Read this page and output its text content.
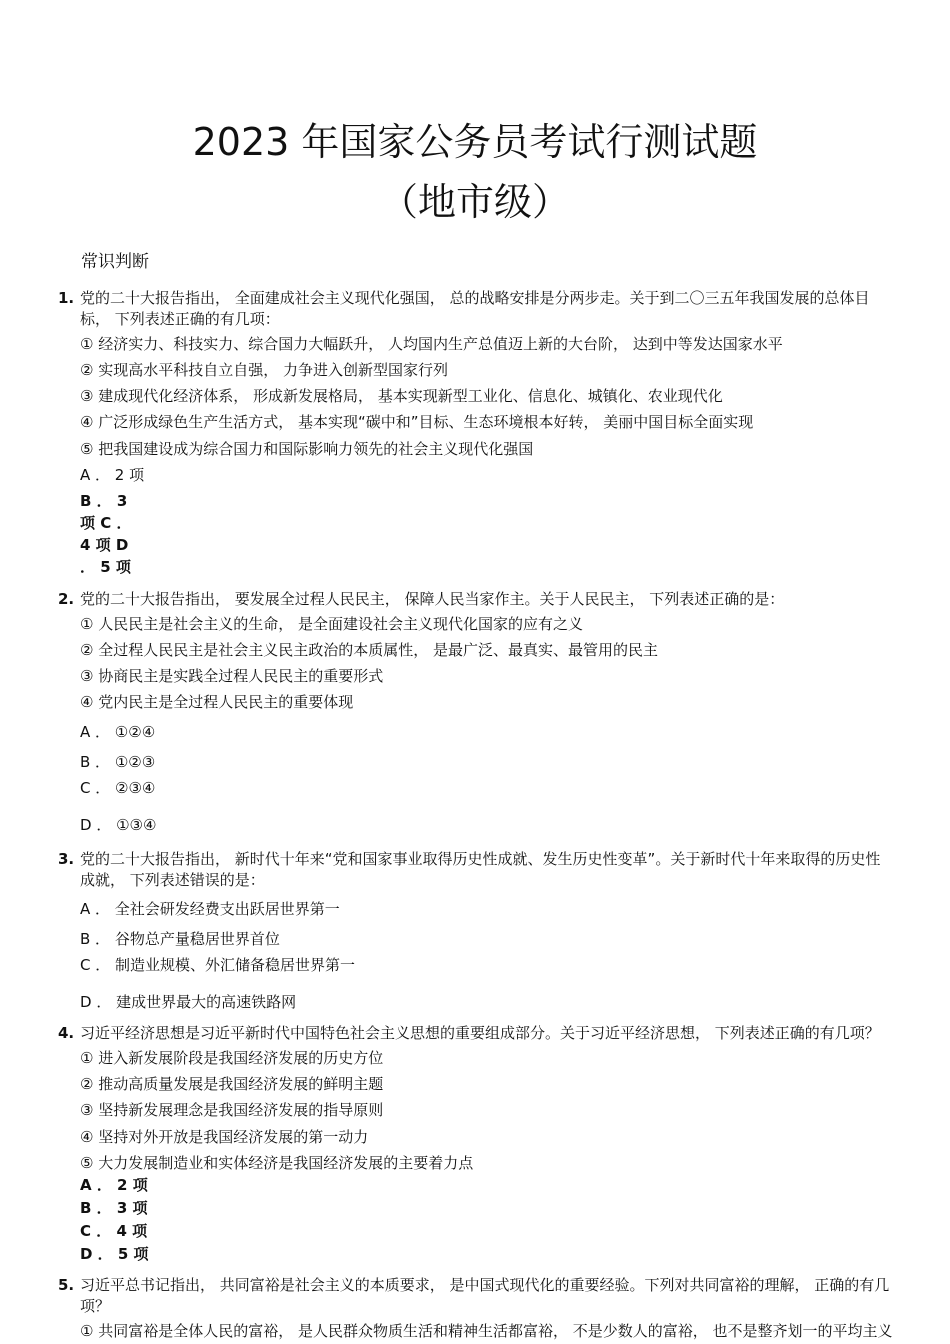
2023 年国家公务员考试行测试题
（地市级）
常识判断
1. 党的二十大报告指出， 全面建成社会主义现代化强国， 总的战略安排是分两步走。关于到二〇三五年我国发展的总体目
标， 下列表述正确的有几项：
① 经济实力、科技实力、综合国力大幅跃升， 人均国内生产总值迈上新的大台阶， 达到中等发达国家水平
② 实现高水平科技自立自强， 力争进入创新型国家行列
③ 建成现代化经济体系， 形成新发展格局， 基本实现新型工业化、信息化、城镇化、农业现代化
④ 广泛形成绿色生产生活方式， 基本实现“碳中和”目标、生态环境根本好转， 美丽中国目标全面实现
⑤ 把我国建设成为综合国力和国际影响力领先的社会主义现代化强国
A ． 2 项
B ． 3
项 C ．
4 项 D
． 5 项
2. 党的二十大报告指出， 要发展全过程人民民主， 保障人民当家作主。关于人民民主， 下列表述正确的是：
① 人民民主是社会主义的生命， 是全面建设社会主义现代化国家的应有之义
② 全过程人民民主是社会主义民主政治的本质属性， 是最广泛、最真实、最管用的民主
③ 协商民主是实践全过程人民民主的重要形式
④ 党内民主是全过程人民民主的重要体现
A ． ①②④
B ． ①②③
C ． ②③④
D ． ①③④
3. 党的二十大报告指出， 新时代十年来“党和国家事业取得历史性成就、发生历史性变革”。关于新时代十年来取得的历史性
成就， 下列表述错误的是：
A ． 全社会研发经费支出跃居世界第一
B ． 谷物总产量稳居世界首位
C ． 制造业规模、外汇储备稳居世界第一
D ． 建成世界最大的高速铁路网
4. 习近平经济思想是习近平新时代中国特色社会主义思想的重要组成部分。关于习近平经济思想， 下列表述正确的有几项？
① 进入新发展阶段是我国经济发展的历史方位
② 推动高质量发展是我国经济发展的鲜明主题
③ 坚持新发展理念是我国经济发展的指导原则
④ 坚持对外开放是我国经济发展的第一动力
⑤ 大力发展制造业和实体经济是我国经济发展的主要着力点
A ． 2 项
B ． 3 项
C ． 4 项
D ． 5 项
5. 习近平总书记指出， 共同富裕是社会主义的本质要求， 是中国式现代化的重要经验。下列对共同富裕的理解， 正确的有几
项？
① 共同富裕是全体人民的富裕， 是人民群众物质生活和精神生活都富裕， 不是少数人的富裕， 也不是整齐划一的平均主义
